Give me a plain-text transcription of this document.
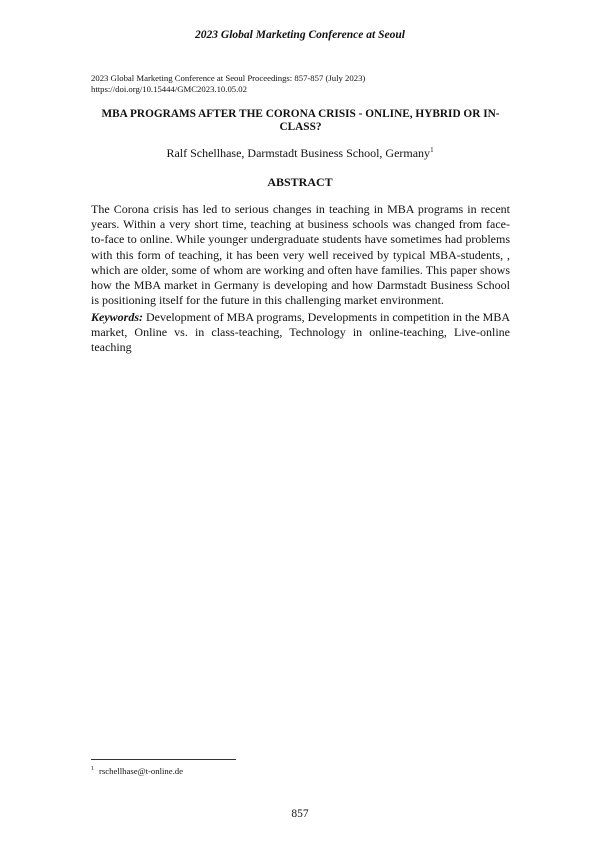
2023 Global Marketing Conference at Seoul
2023 Global Marketing Conference at Seoul Proceedings: 857-857 (July 2023)
https://doi.org/10.15444/GMC2023.10.05.02
MBA PROGRAMS AFTER THE CORONA CRISIS - ONLINE, HYBRID OR IN-CLASS?
Ralf Schellhase, Darmstadt Business School, Germany$^1$
ABSTRACT

The Corona crisis has led to serious changes in teaching in MBA programs in recent years. Within a very short time, teaching at business schools was changed from face-to-face to online. While younger undergraduate students have sometimes had problems with this form of teaching, it has been very well received by typical MBA-students, , which are older, some of whom are working and often have families. This paper shows how the MBA market in Germany is developing and how Darmstadt Business School is positioning itself for the future in this challenging market environment.

Keywords: Development of MBA programs, Developments in competition in the MBA market, Online vs. in class-teaching, Technology in online-teaching, Live-online teaching

$^1$ rschellhase@t-online.de
857
